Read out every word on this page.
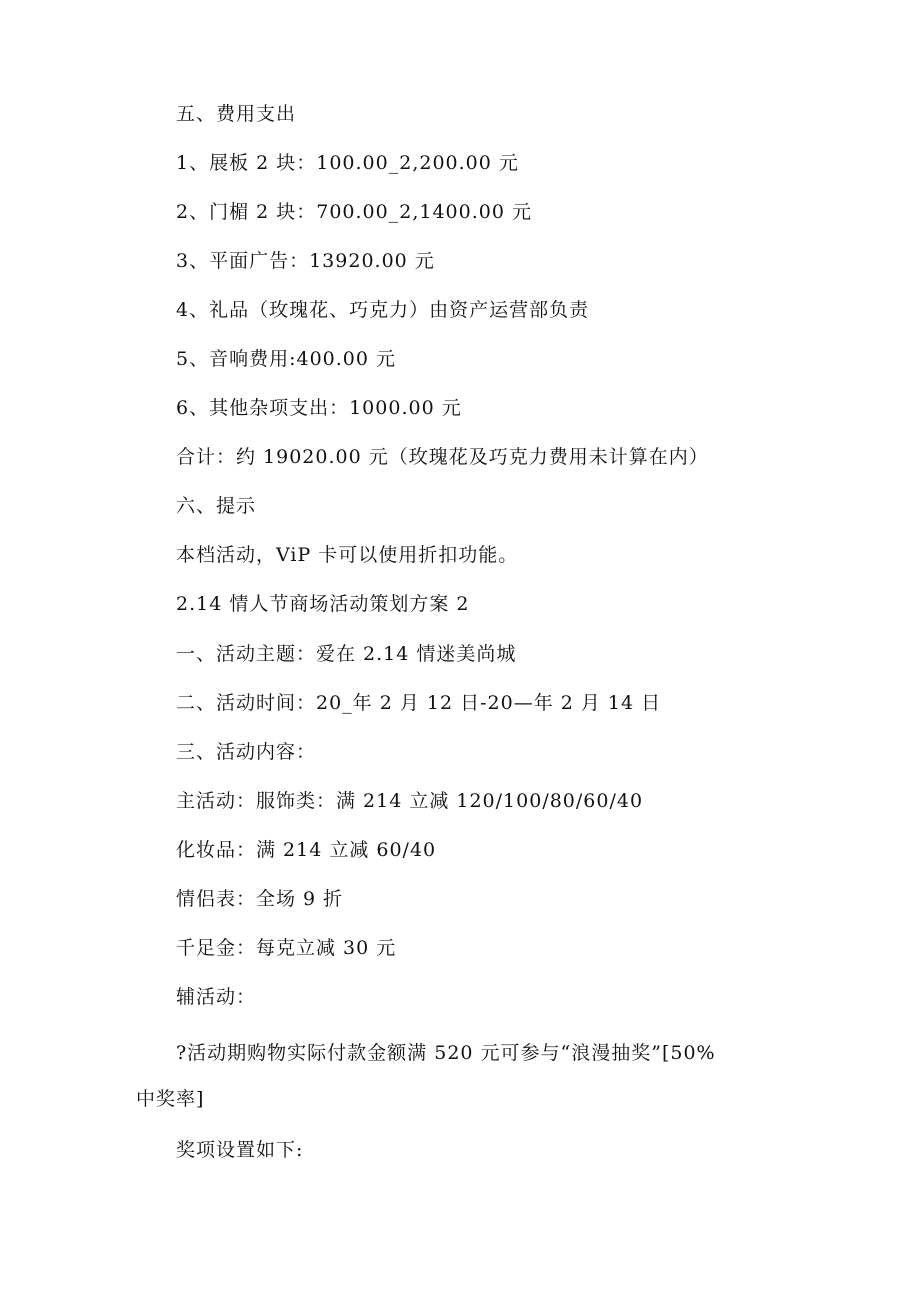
五、费用支出
1、展板 2 块：100.00_2,200.00 元
2、门楣 2 块：700.00_2,1400.00 元
3、平面广告：13920.00 元
4、礼品（玫瑰花、巧克力）由资产运营部负责
5、音响费用:400.00 元
6、其他杂项支出：1000.00 元
合计：约 19020.00 元（玫瑰花及巧克力费用未计算在内）
六、提示
本档活动，ViP 卡可以使用折扣功能。
2.14 情人节商场活动策划方案 2
一、活动主题：爱在 2.14 情迷美尚城
二、活动时间：20_年 2 月 12 日-20—年 2 月 14 日
三、活动内容：
主活动：服饰类：满 214 立减 120/100/80/60/40
化妆品：满 214 立减 60/40
情侣表：全场 9 折
千足金：每克立减 30 元
辅活动：
?活动期购物实际付款金额满 520 元可参与“浪漫抽奖”[50%
中奖率]
奖项设置如下:
